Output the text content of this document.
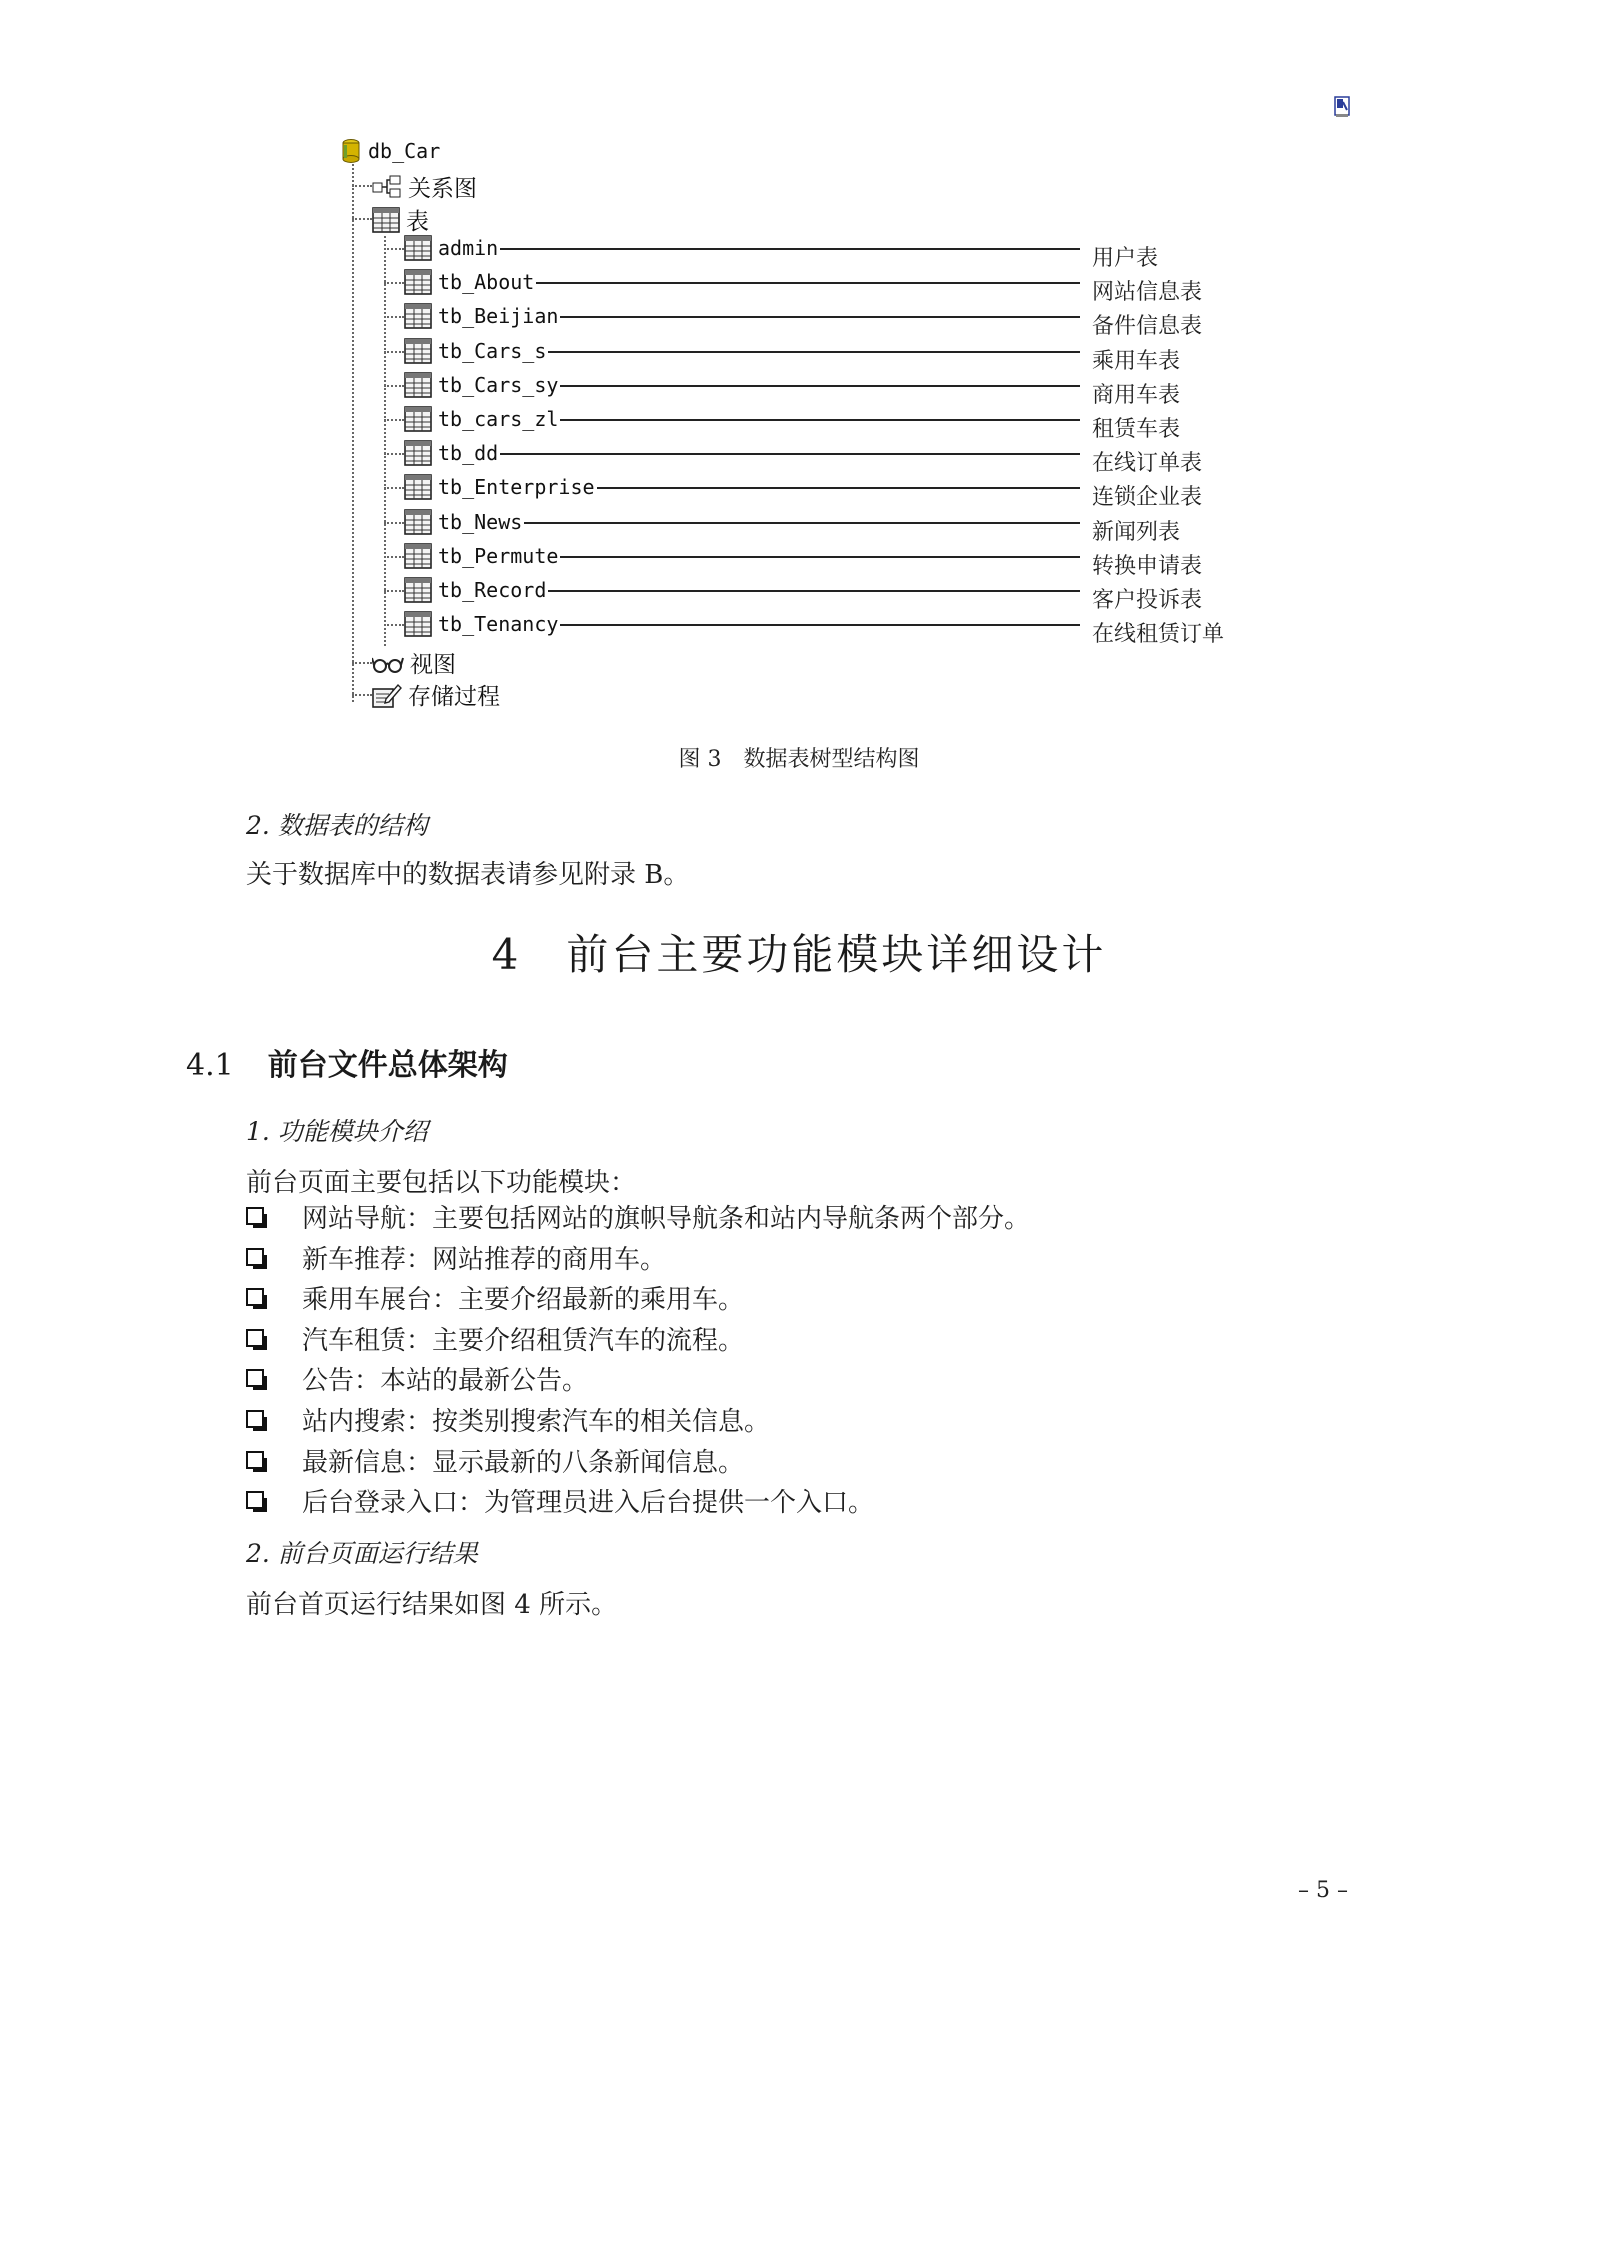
db_Car
关系图
表
admin	用户表
tb_About	网站信息表
tb_Beijian	备件信息表
tb_Cars_s	乘用车表
tb_Cars_sy	商用车表
tb_cars_zl	租赁车表
tb_dd	在线订单表
tb_Enterprise	连锁企业表
tb_News	新闻列表
tb_Permute	转换申请表
tb_Record	客户投诉表
tb_Tenancy	在线租赁订单
视图
存储过程
图 3　数据表树型结构图
2. 数据表的结构
关于数据库中的数据表请参见附录 B。
4　前台主要功能模块详细设计
4.1 前台文件总体架构
1. 功能模块介绍
前台页面主要包括以下功能模块：
网站导航：主要包括网站的旗帜导航条和站内导航条两个部分。
新车推荐：网站推荐的商用车。
乘用车展台：主要介绍最新的乘用车。
汽车租赁：主要介绍租赁汽车的流程。
公告：本站的最新公告。
站内搜索：按类别搜索汽车的相关信息。
最新信息：显示最新的八条新闻信息。
后台登录入口：为管理员进入后台提供一个入口。
2. 前台页面运行结果
前台首页运行结果如图 4 所示。
– 5 –
